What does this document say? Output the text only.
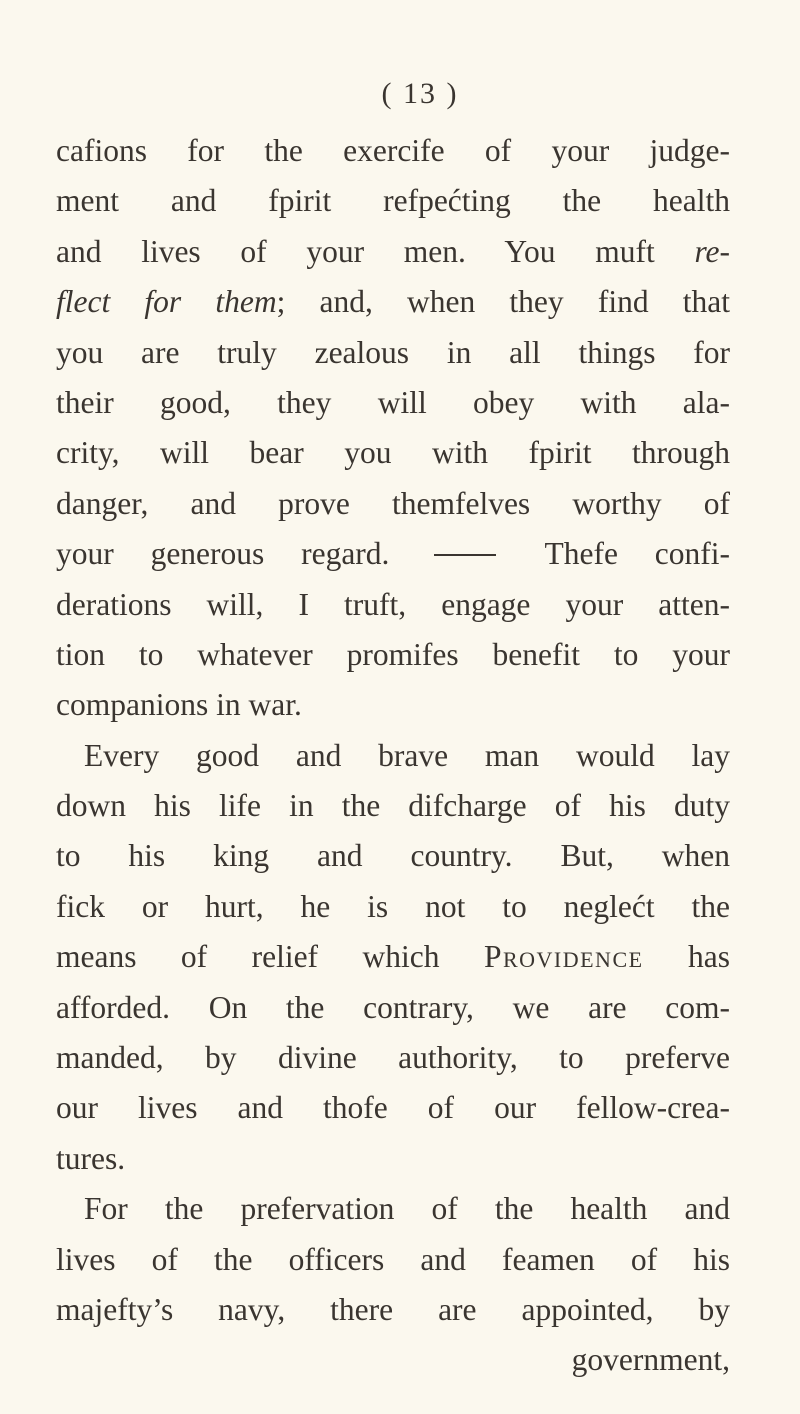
( 13 )
cafions for the exercife of your judge-
ment and fpirit refpećting the health
and lives of your men. You muft re-
flect for them; and, when they find that
you are truly zealous in all things for
their good, they will obey with ala-
crity, will bear you with fpirit through
danger, and prove themfelves worthy of
your generous regard.	Thefe confi-
derations will, I truft, engage your atten-
tion to whatever promifes benefit to your
companions in war.
Every good and brave man would lay
down his life in the difcharge of his duty
to his king and country. But, when
fick or hurt, he is not to neglećt the
means of relief which Providence has
afforded. On the contrary, we are com-
manded, by divine authority, to preferve
our lives and thofe of our fellow-crea-
tures.
For the prefervation of the health and
lives of the officers and feamen of his
majefty’s navy, there are appointed, by
government,
